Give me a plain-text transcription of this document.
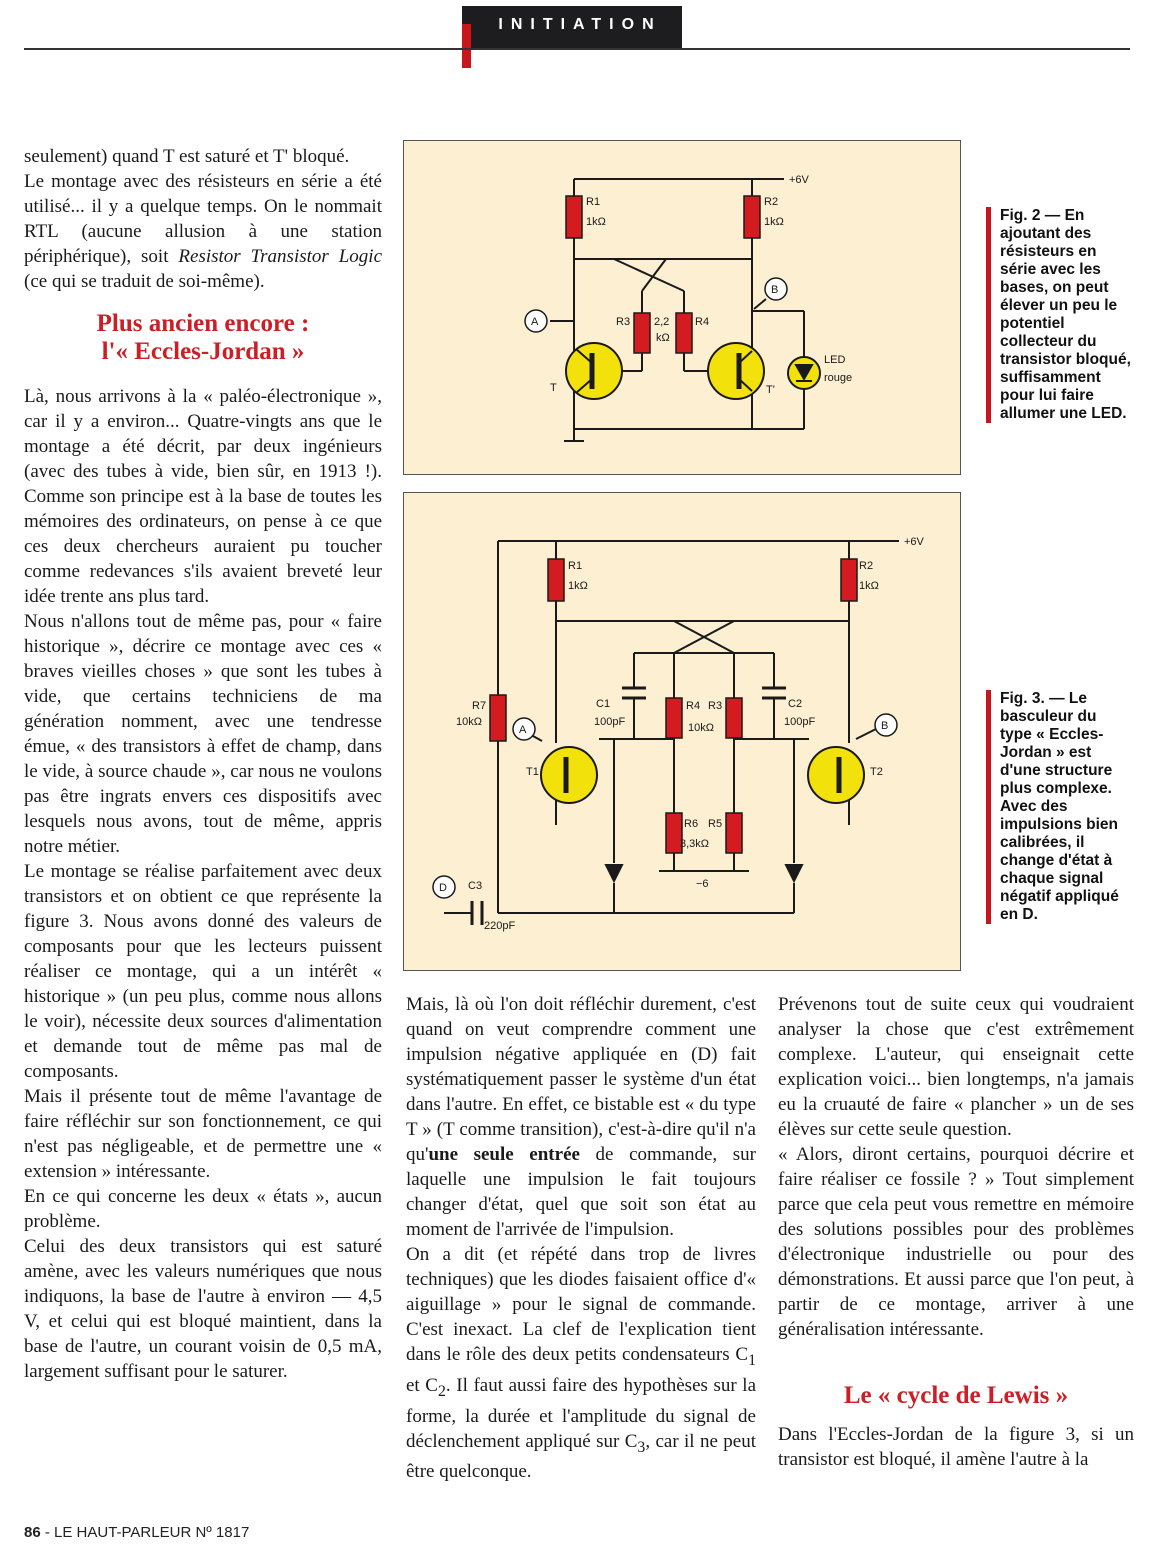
INITIATION

seulement) quand T est saturé et T' bloqué.

Le montage avec des résisteurs en série a été utilisé... il y a quelque temps. On le nommait RTL (aucune allusion à une station périphérique), soit Resistor Transistor Logic (ce qui se traduit de soi-même).

Plus ancien encore :
l'« Eccles-Jordan »

Là, nous arrivons à la « paléo-électronique », car il y a environ... Quatre-vingts ans que le montage a été décrit, par deux ingénieurs (avec des tubes à vide, bien sûr, en 1913 !). Comme son principe est à la base de toutes les mémoires des ordinateurs, on pense à ce que ces deux chercheurs auraient pu toucher comme redevances s'ils avaient breveté leur idée trente ans plus tard.

Nous n'allons tout de même pas, pour « faire historique », décrire ce montage avec ces « braves vieilles choses » que sont les tubes à vide, que certains techniciens de ma génération nomment, avec une tendresse émue, « des transistors à effet de champ, dans le vide, à source chaude », car nous ne voulons pas être ingrats envers ces dispositifs avec lesquels nous avons, tout de même, appris notre métier.

Le montage se réalise parfaitement avec deux transistors et on obtient ce que représente la figure 3. Nous avons donné des valeurs de composants pour que les lecteurs puissent réaliser ce montage, qui a un intérêt « historique » (un peu plus, comme nous allons le voir), nécessite deux sources d'alimentation et demande tout de même pas mal de composants.

Mais il présente tout de même l'avantage de faire réfléchir sur son fonctionnement, ce qui n'est pas négligeable, et de permettre une « extension » intéressante.

En ce qui concerne les deux « états », aucun problème.

Celui des deux transistors qui est saturé amène, avec les valeurs numériques que nous indiquons, la base de l'autre à environ — 4,5 V, et celui qui est bloqué maintient, dans la base de l'autre, un courant voisin de 0,5 mA, largement suffisant pour le saturer.

+6V
R1
1kΩ
R2
1kΩ
R3	R4
2,2
kΩ
A
B
T	T'
LED
rouge
Fig. 2 — En ajoutant des résisteurs en série avec les bases, on peut élever un peu le potentiel collecteur du transistor bloqué, suffisamment pour lui faire allumer une LED.
+6V
R1
1kΩ
R2
1kΩ
R7
10kΩ
C1
100pF
C2
100pF
R4 R3
10kΩ
R6 R5
3,3kΩ
−6
A	B
D C3
220pF
T1	T2
Fig. 3. — Le basculeur du type « Eccles-Jordan » est d'une structure plus complexe. Avec des impulsions bien calibrées, il change d'état à chaque signal négatif appliqué en D.

Mais, là où l'on doit réfléchir durement, c'est quand on veut comprendre comment une impulsion négative appliquée en (D) fait systématiquement passer le système d'un état dans l'autre. En effet, ce bistable est « du type T » (T comme transition), c'est-à-dire qu'il n'a qu'une seule entrée de commande, sur laquelle une impulsion le fait toujours changer d'état, quel que soit son état au moment de l'arrivée de l'impulsion.

On a dit (et répété dans trop de livres techniques) que les diodes faisaient office d'« aiguillage » pour le signal de commande. C'est inexact. La clef de l'explication tient dans le rôle des deux petits condensateurs $C_1$ et $C_2$. Il faut aussi faire des hypothèses sur la forme, la durée et l'amplitude du signal de déclenchement appliqué sur $C_3$, car il ne peut être quelconque.

Prévenons tout de suite ceux qui voudraient analyser la chose que c'est extrêmement complexe. L'auteur, qui enseignait cette explication voici... bien longtemps, n'a jamais eu la cruauté de faire « plancher » un de ses élèves sur cette seule question.

« Alors, diront certains, pourquoi décrire et faire réaliser ce fossile ? » Tout simplement parce que cela peut vous remettre en mémoire des solutions possibles pour des problèmes d'électronique industrielle ou pour des démonstrations. Et aussi parce que l'on peut, à partir de ce montage, arriver à une généralisation intéressante.

Le « cycle de Lewis »

Dans l'Eccles-Jordan de la figure 3, si un transistor est bloqué, il amène l'autre à la

86 - LE HAUT-PARLEUR Nº 1817
